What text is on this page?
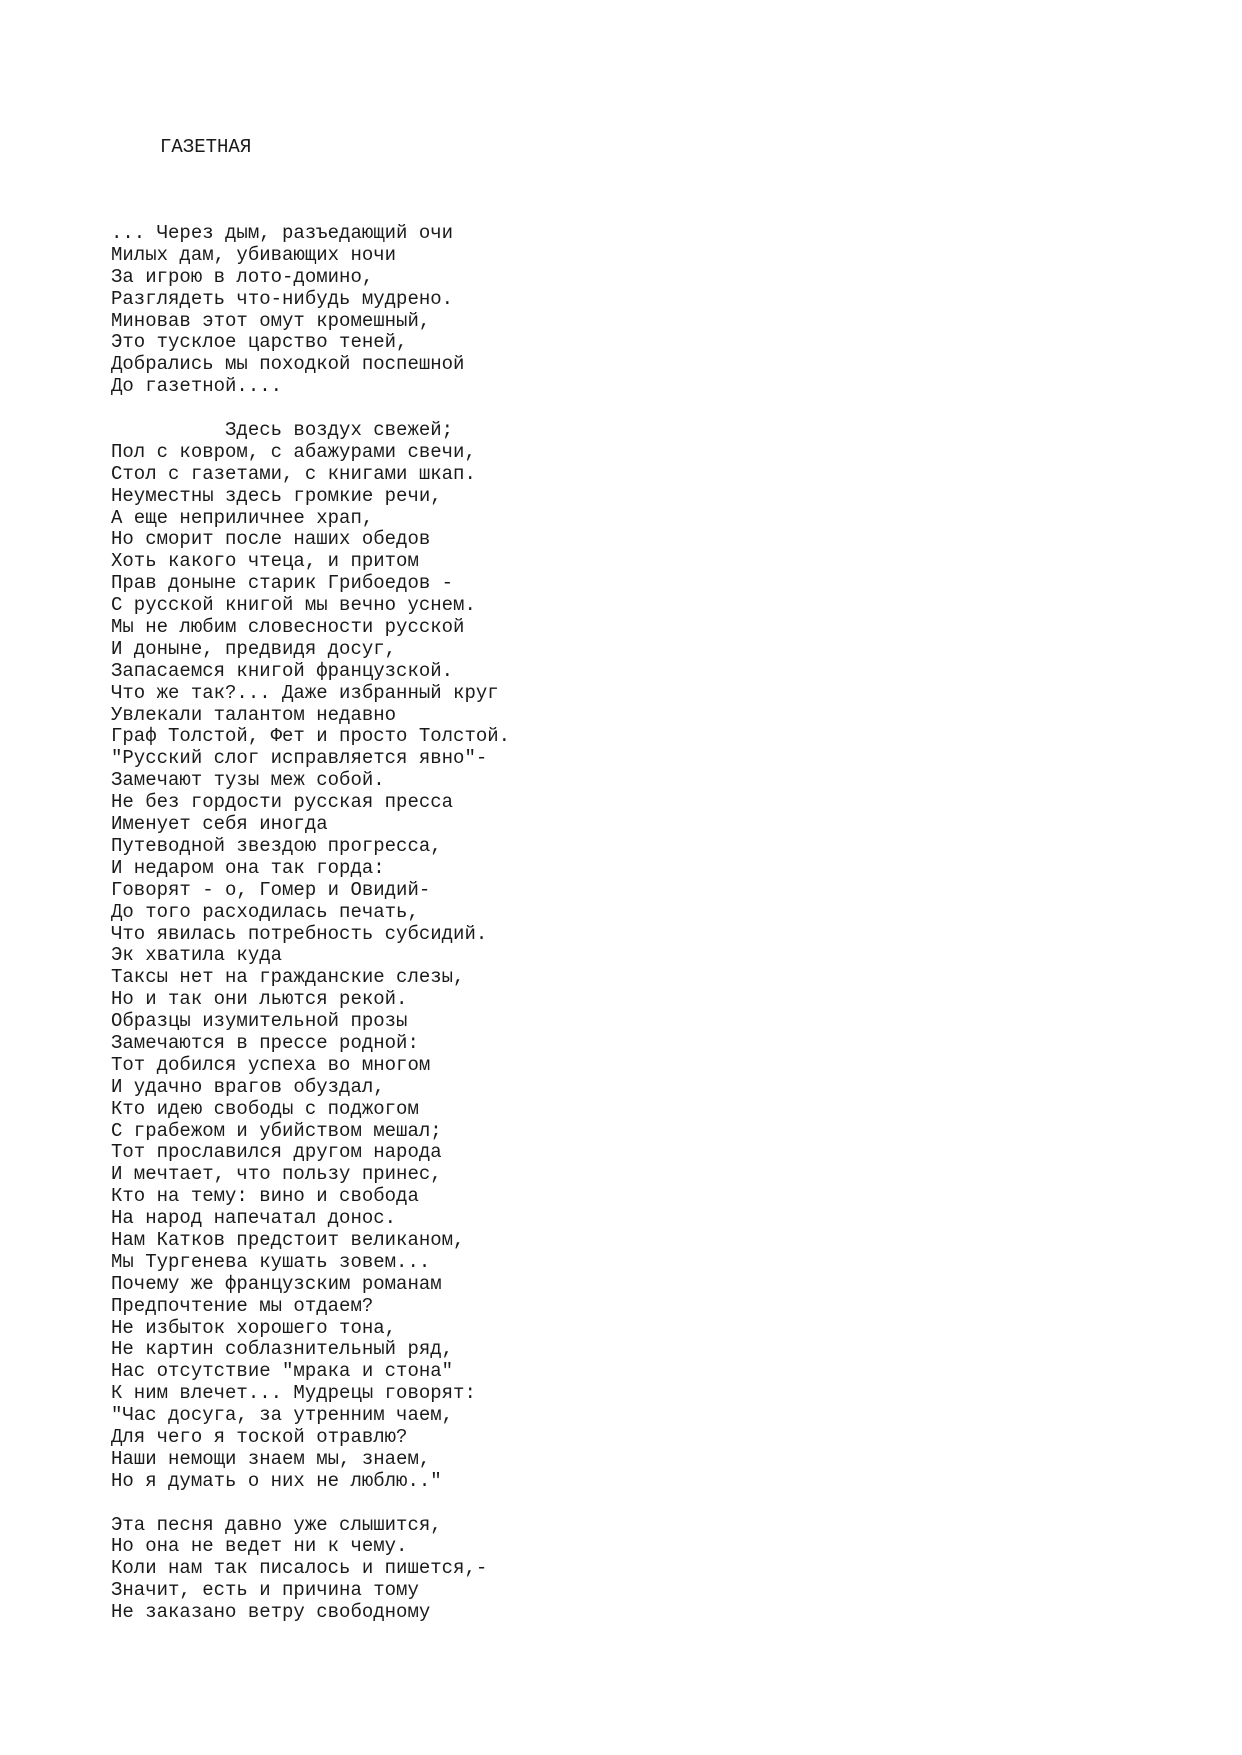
ГАЗЕТНАЯ
... Через дым, разъедающий очи
Милых дам, убивающих ночи
За игрою в лото-домино,
Разглядеть что-нибудь мудрено.
Миновав этот омут кромешный,
Это тусклое царство теней,
Добрались мы походкой поспешной
До газетной....
Здесь воздух свежей;
Пол с ковром, с абажурами свечи,
Стол с газетами, с книгами шкап.
Неуместны здесь громкие речи,
А еще неприличнее храп,
Но сморит после наших обедов
Хоть какого чтеца, и притом
Прав доныне старик Грибоедов -
С русской книгой мы вечно уснем.
Мы не любим словесности русской
И доныне, предвидя досуг,
Запасаемся книгой французской.
Что же так?... Даже избранный круг
Увлекали талантом недавно
Граф Толстой, Фет и просто Толстой.
"Русский слог исправляется явно"-
Замечают тузы меж собой.
Не без гордости русская пресса
Именует себя иногда
Путеводной звездою прогресса,
И недаром она так горда:
Говорят - о, Гомер и Овидий-
До того расходилась печать,
Что явилась потребность субсидий.
Эк хватила куда
Таксы нет на гражданские слезы,
Но и так они льются рекой.
Образцы изумительной прозы
Замечаются в прессе родной:
Тот добился успеха во многом
И удачно врагов обуздал,
Кто идею свободы с поджогом
С грабежом и убийством мешал;
Тот прославился другом народа
И мечтает, что пользу принес,
Кто на тему: вино и свобода
На народ напечатал донос.
Нам Катков предстоит великаном,
Мы Тургенева кушать зовем...
Почему же французским романам
Предпочтение мы отдаем?
Не избыток хорошего тона,
Не картин соблазнительный ряд,
Нас отсутствие "мрака и стона"
К ним влечет... Мудрецы говорят:
"Час досуга, за утренним чаем,
Для чего я тоской отравлю?
Наши немощи знаем мы, знаем,
Но я думать о них не люблю.."
Эта песня давно уже слышится,
Но она не ведет ни к чему.
Коли нам так писалось и пишется,-
Значит, есть и причина тому
Не заказано ветру свободному
